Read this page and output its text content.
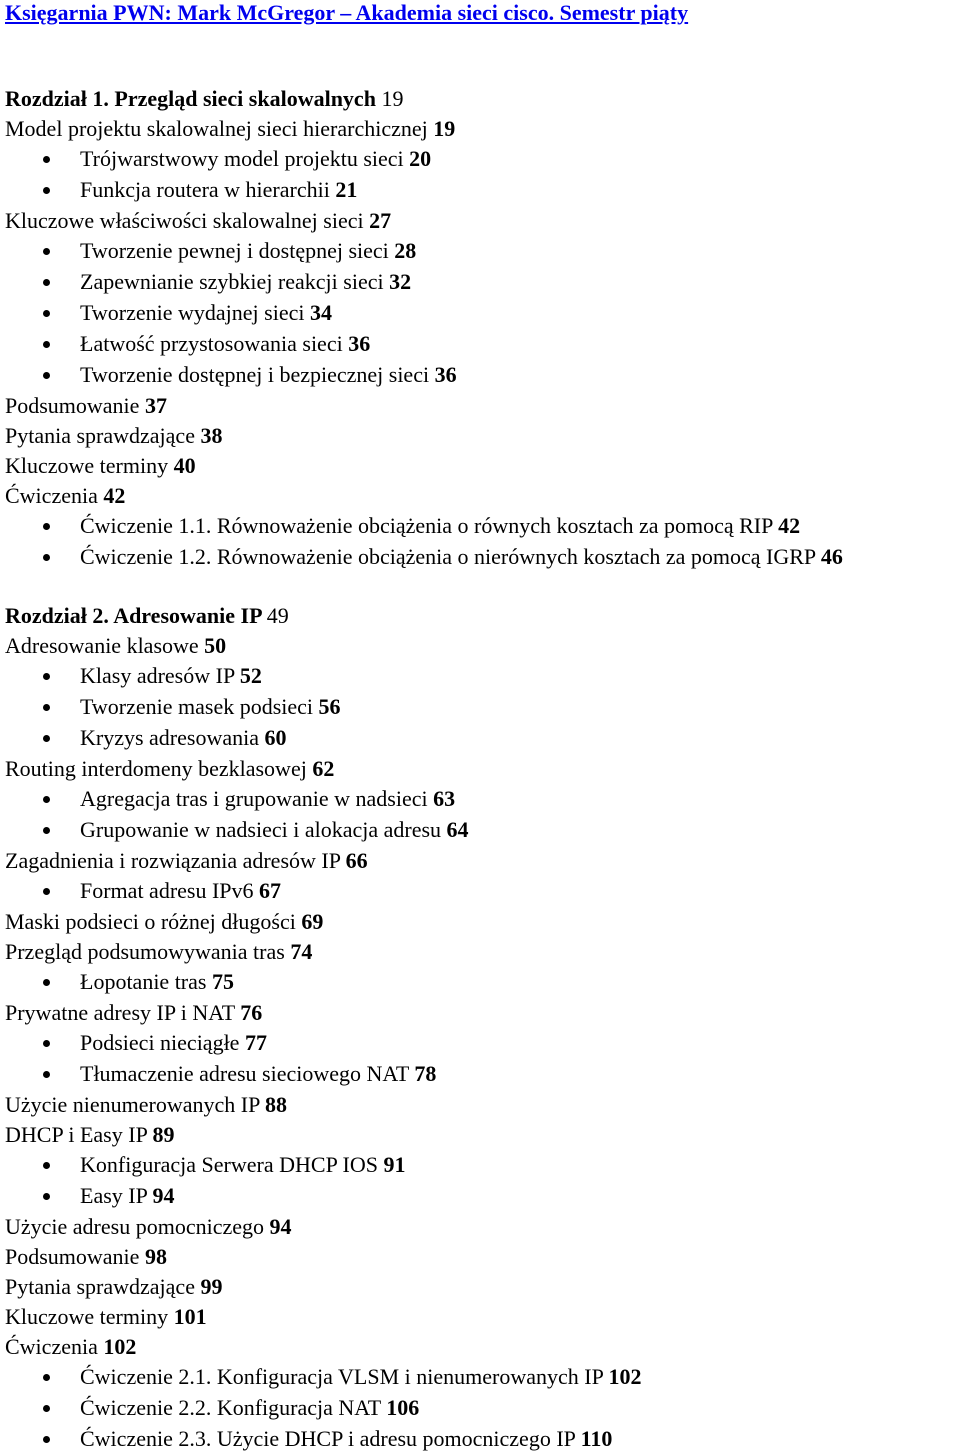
Księgarnia PWN: Mark McGregor – Akademia sieci cisco. Semestr piąty
Rozdział 1. Przegląd sieci skalowalnych 19
Model projektu skalowalnej sieci hierarchicznej 19
Trójwarstwowy model projektu sieci 20
Funkcja routera w hierarchii 21
Kluczowe właściwości skalowalnej sieci 27
Tworzenie pewnej i dostępnej sieci 28
Zapewnianie szybkiej reakcji sieci 32
Tworzenie wydajnej sieci 34
Łatwość przystosowania sieci 36
Tworzenie dostępnej i bezpiecznej sieci 36
Podsumowanie 37
Pytania sprawdzające 38
Kluczowe terminy 40
Ćwiczenia 42
Ćwiczenie 1.1. Równoważenie obciążenia o równych kosztach za pomocą RIP 42
Ćwiczenie 1.2. Równoważenie obciążenia o nierównych kosztach za pomocą IGRP 46
Rozdział 2. Adresowanie IP 49
Adresowanie klasowe 50
Klasy adresów IP 52
Tworzenie masek podsieci 56
Kryzys adresowania 60
Routing interdomeny bezklasowej 62
Agregacja tras i grupowanie w nadsieci 63
Grupowanie w nadsieci i alokacja adresu 64
Zagadnienia i rozwiązania adresów IP 66
Format adresu IPv6 67
Maski podsieci o różnej długości 69
Przegląd podsumowywania tras 74
Łopotanie tras 75
Prywatne adresy IP i NAT 76
Podsieci nieciągłe 77
Tłumaczenie adresu sieciowego NAT 78
Użycie nienumerowanych IP 88
DHCP i Easy IP 89
Konfiguracja Serwera DHCP IOS 91
Easy IP 94
Użycie adresu pomocniczego 94
Podsumowanie 98
Pytania sprawdzające 99
Kluczowe terminy 101
Ćwiczenia 102
Ćwiczenie 2.1. Konfiguracja VLSM i nienumerowanych IP 102
Ćwiczenie 2.2. Konfiguracja NAT 106
Ćwiczenie 2.3. Użycie DHCP i adresu pomocniczego IP 110
